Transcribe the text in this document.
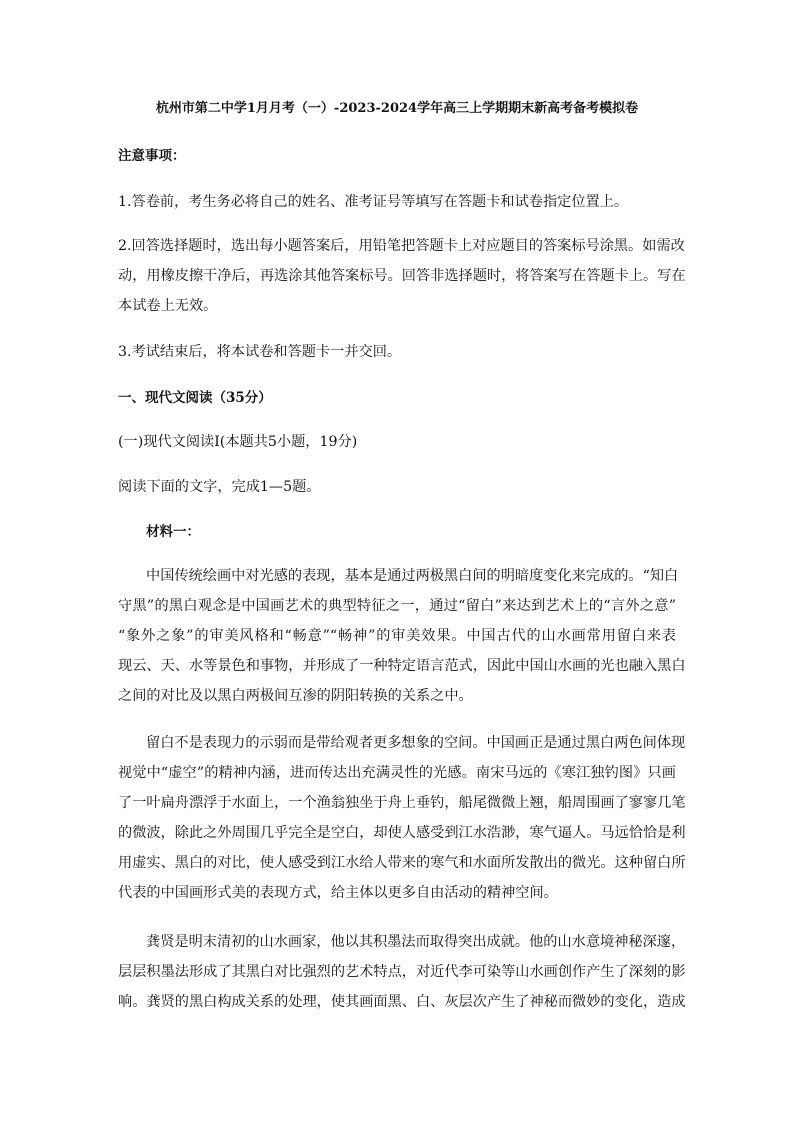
杭州市第二中学1月月考（一）-2023-2024学年高三上学期期末新高考备考模拟卷
注意事项：
1.答卷前，考生务必将自己的姓名、准考证号等填写在答题卡和试卷指定位置上。
2.回答选择题时，选出每小题答案后，用铅笔把答题卡上对应题目的答案标号涂黑。如需改
动，用橡皮擦干净后，再选涂其他答案标号。回答非选择题时，将答案写在答题卡上。写在
本试卷上无效。
3.考试结束后，将本试卷和答题卡一并交回。
一、现代文阅读（35分）
(一)现代文阅读Ⅰ(本题共5小题，19分)
阅读下面的文字，完成1—5题。
材料一：
中国传统绘画中对光感的表现，基本是通过两极黑白间的明暗度变化来完成的。“知白
守黑”的黑白观念是中国画艺术的典型特征之一，通过“留白”来达到艺术上的“言外之意”
“象外之象”的审美风格和“畅意”“畅神”的审美效果。中国古代的山水画常用留白来表
现云、天、水等景色和事物，并形成了一种特定语言范式，因此中国山水画的光也融入黑白
之间的对比及以黑白两极间互渗的阴阳转换的关系之中。
留白不是表现力的示弱而是带给观者更多想象的空间。中国画正是通过黑白两色间体现
视觉中“虚空”的精神内涵，进而传达出充满灵性的光感。南宋马远的《寒江独钓图》只画
了一叶扁舟漂浮于水面上，一个渔翁独坐于舟上垂钓，船尾微微上翘，船周围画了寥寥几笔
的微波，除此之外周围几乎完全是空白，却使人感受到江水浩渺，寒气逼人。马远恰恰是利
用虚实、黑白的对比，使人感受到江水给人带来的寒气和水面所发散出的微光。这种留白所
代表的中国画形式美的表现方式，给主体以更多自由活动的精神空间。
龚贤是明末清初的山水画家，他以其积墨法而取得突出成就。他的山水意境神秘深邃，
层层积墨法形成了其黑白对比强烈的艺术特点，对近代李可染等山水画创作产生了深刻的影
响。龚贤的黑白构成关系的处理，使其画面黑、白、灰层次产生了神秘而微妙的变化，造成
